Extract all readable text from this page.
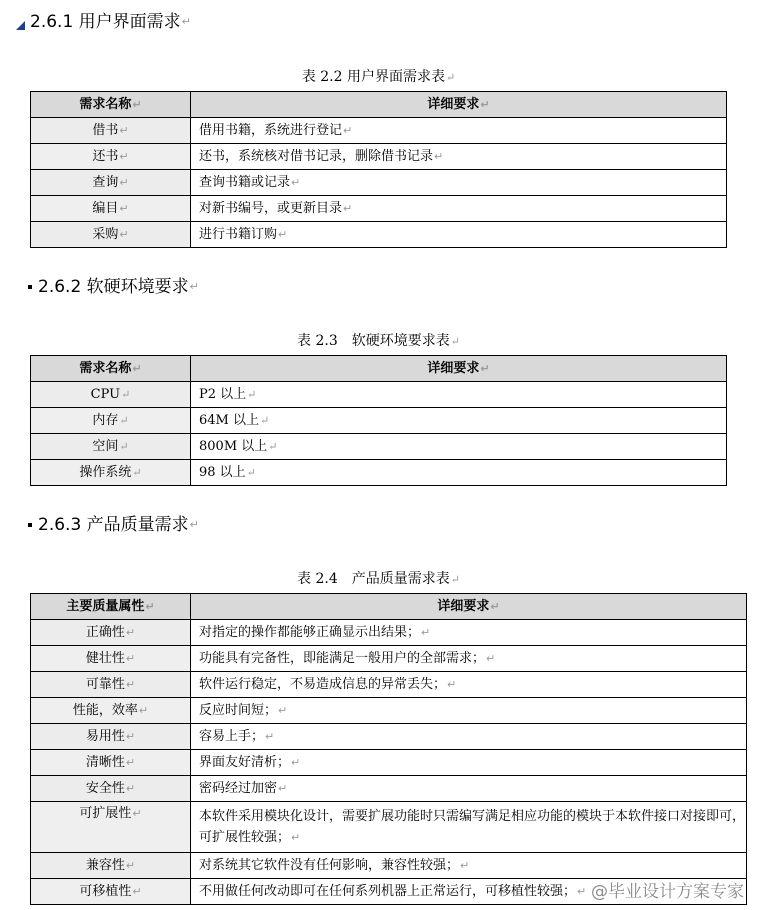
2.6.1 用户界面需求 ↵
表 2.2 用户界面需求表↵
需求名称↵	详细要求↵
借书↵	借用书籍，系统进行登记↵
还书↵	还书，系统核对借书记录，删除借书记录↵
查询↵	查询书籍或记录↵
编目↵	对新书编号，或更新目录↵
采购↵	进行书籍订购↵
2.6.2 软硬环境要求 ↵
表 2.3　软硬环境要求表↵
需求名称↵	详细要求↵
CPU↵	P2 以上↵
内存↵	64M 以上↵
空间↵	800M 以上↵
操作系统↵	98 以上↵
2.6.3 产品质量需求 ↵
表 2.4　产品质量需求表↵
主要质量属性↵	详细要求↵
正确性↵	对指定的操作都能够正确显示出结果；↵
健壮性↵	功能具有完备性，即能满足一般用户的全部需求；↵
可靠性↵	软件运行稳定，不易造成信息的异常丢失；↵
性能，效率↵	反应时间短；↵
易用性↵	容易上手；↵
清晰性↵	界面友好清析；↵
安全性↵	密码经过加密↵
可扩展性↵	本软件采用模块化设计，需要扩展功能时只需编写满足相应功能的模块于本软件接口对接即可，可扩展性较强；↵
兼容性↵	对系统其它软件没有任何影响，兼容性较强；↵
可移植性↵	不用做任何改动即可在任何系列机器上正常运行，可移植性较强；↵ @毕业设计方案专家
